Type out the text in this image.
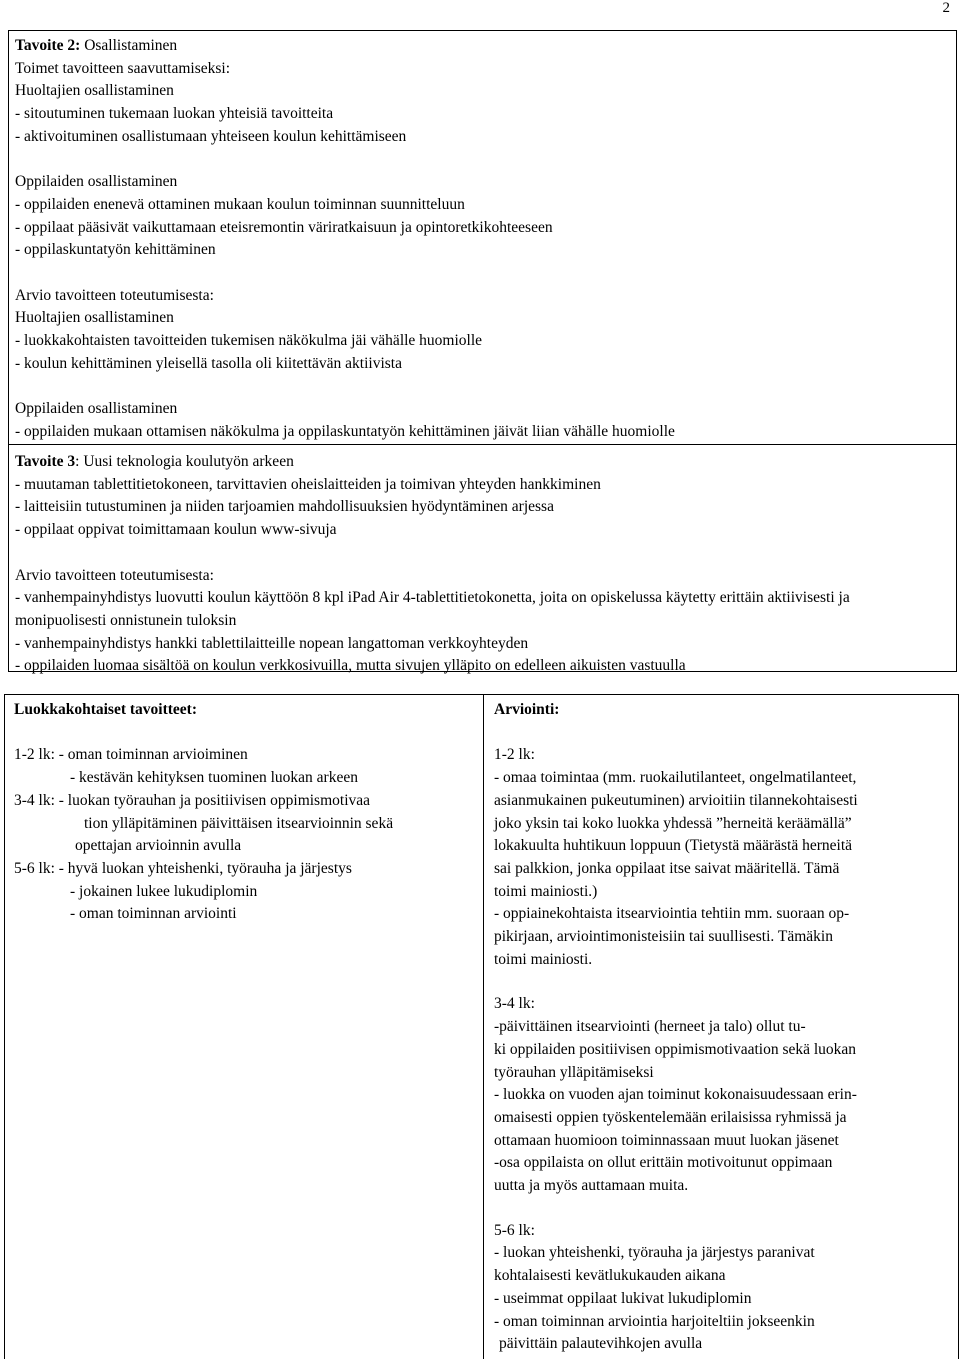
2
Tavoite 2: Osallistaminen
Toimet tavoitteen saavuttamiseksi:
Huoltajien osallistaminen
- sitoutuminen tukemaan luokan yhteisiä tavoitteita
- aktivoituminen osallistumaan yhteiseen koulun kehittämiseen
Oppilaiden osallistaminen
- oppilaiden enenevä ottaminen mukaan koulun toiminnan suunnitteluun
- oppilaat pääsivät vaikuttamaan eteisremontin väriratkaisuun ja opintoretkikohteeseen
- oppilaskuntatyön kehittäminen
Arvio tavoitteen toteutumisesta:
Huoltajien osallistaminen
- luokkakohtaisten tavoitteiden tukemisen näkökulma jäi vähälle huomiolle
- koulun kehittäminen yleisellä tasolla oli kiitettävän aktiivista
Oppilaiden osallistaminen
- oppilaiden mukaan ottamisen näkökulma ja oppilaskuntatyön kehittäminen jäivät liian vähälle huomiolle
Tavoite 3: Uusi teknologia koulutyön arkeen
- muutaman tablettitietokoneen, tarvittavien oheislaitteiden ja toimivan yhteyden hankkiminen
- laitteisiin tutustuminen ja niiden tarjoamien mahdollisuuksien hyödyntäminen arjessa
- oppilaat oppivat toimittamaan koulun www-sivuja
Arvio tavoitteen toteutumisesta:
- vanhempainyhdistys luovutti koulun käyttöön 8 kpl iPad Air 4-tablettitietokonetta, joita on opiskelussa käytetty erittäin aktiivisesti ja monipuolisesti onnistunein tuloksin
- vanhempainyhdistys hankki tablettilaitteille nopean langattoman verkkoyhteyden
- oppilaiden luomaa sisältöä on koulun verkkosivuilla, mutta sivujen ylläpito on edelleen aikuisten vastuulla
Luokkakohtaiset tavoitteet:
1-2 lk: - oman toiminnan arvioiminen
- kestävän kehityksen tuominen luokan arkeen
3-4 lk: - luokan työrauhan ja positiivisen oppimismotivaa
tion ylläpitäminen päivittäisen itsearvioinnin sekä
opettajan arvioinnin avulla
5-6 lk: - hyvä luokan yhteishenki, työrauha ja järjestys
- jokainen lukee lukudiplomin
- oman toiminnan arviointi
Arviointi:
1-2 lk:
- omaa toimintaa (mm. ruokailutilanteet, ongelmatilanteet,
asianmukainen pukeutuminen) arvioitiin tilannekohtaisesti
joko yksin tai koko luokka yhdessä ”herneitä keräämällä”
lokakuulta huhtikuun loppuun (Tietystä määrästä herneitä
sai palkkion, jonka oppilaat itse saivat määritellä. Tämä
toimi mainiosti.)
- oppiainekohtaista itsearviointia tehtiin mm. suoraan op-
pikirjaan, arviointimonisteisiin tai suullisesti. Tämäkin
toimi mainiosti.
3-4 lk:
-päivittäinen itsearviointi (herneet ja talo) ollut tu-
ki oppilaiden positiivisen oppimismotivaation sekä luokan
työrauhan ylläpitämiseksi
- luokka on vuoden ajan toiminut kokonaisuudessaan erin-
omaisesti oppien työskentelemään erilaisissa ryhmissä ja
ottamaan huomioon toiminnassaan muut luokan jäsenet
-osa oppilaista on ollut erittäin motivoitunut oppimaan
uutta ja myös auttamaan muita.
5-6 lk:
- luokan yhteishenki, työrauha ja järjestys paranivat
kohtalaisesti kevätlukukauden aikana
- useimmat oppilaat lukivat lukudiplomin
- oman toiminnan arviointia harjoiteltiin jokseenkin
päivittäin palautevihkojen avulla
